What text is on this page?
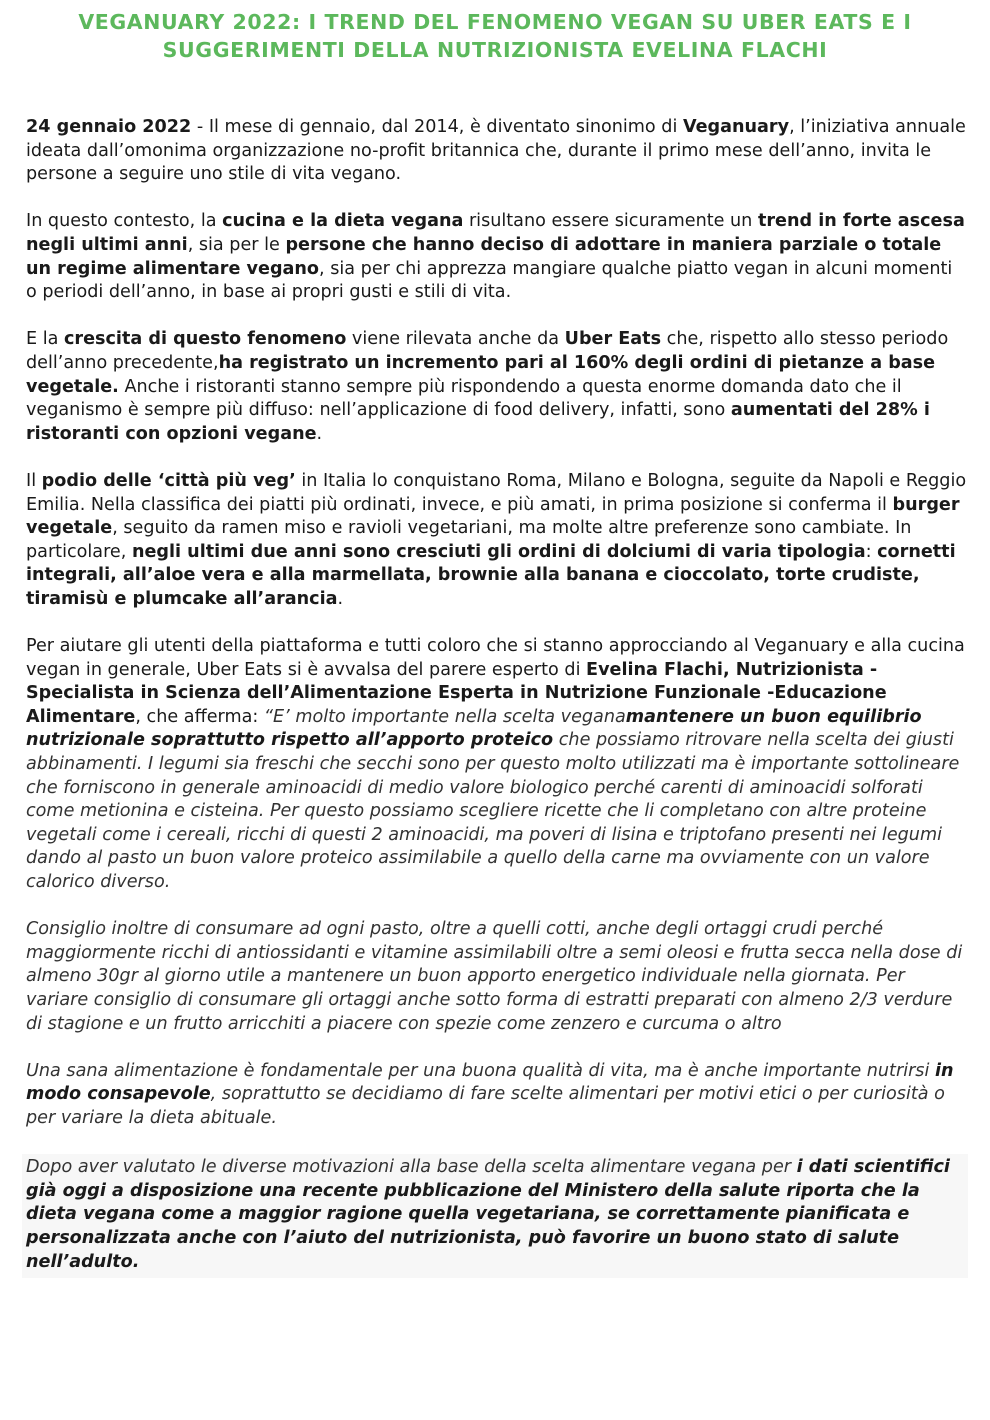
VEGANUARY 2022: I TREND DEL FENOMENO VEGAN SU UBER EATS E I SUGGERIMENTI DELLA NUTRIZIONISTA EVELINA FLACHI

24 gennaio 2022 - Il mese di gennaio, dal 2014, è diventato sinonimo di Veganuary, l’iniziativa annuale ideata dall’omonima organizzazione no-profit britannica che, durante il primo mese dell’anno, invita le persone a seguire uno stile di vita vegano.

In questo contesto, la cucina e la dieta vegana risultano essere sicuramente un trend in forte ascesa negli ultimi anni, sia per le persone che hanno deciso di adottare in maniera parziale o totale un regime alimentare vegano, sia per chi apprezza mangiare qualche piatto vegan in alcuni momenti o periodi dell’anno, in base ai propri gusti e stili di vita.

E la crescita di questo fenomeno viene rilevata anche da Uber Eats che, rispetto allo stesso periodo dell’anno precedente,ha registrato un incremento pari al 160% degli ordini di pietanze a base vegetale. Anche i ristoranti stanno sempre più rispondendo a questa enorme domanda dato che il veganismo è sempre più diffuso: nell’applicazione di food delivery, infatti, sono aumentati del 28% i ristoranti con opzioni vegane.

Il podio delle ‘città più veg’ in Italia lo conquistano Roma, Milano e Bologna, seguite da Napoli e Reggio Emilia. Nella classifica dei piatti più ordinati, invece, e più amati, in prima posizione si conferma il burger vegetale, seguito da ramen miso e ravioli vegetariani, ma molte altre preferenze sono cambiate. In particolare, negli ultimi due anni sono cresciuti gli ordini di dolciumi di varia tipologia: cornetti integrali, all’aloe vera e alla marmellata, brownie alla banana e cioccolato, torte crudiste, tiramisù e plumcake all’arancia.

Per aiutare gli utenti della piattaforma e tutti coloro che si stanno approcciando al Veganuary e alla cucina vegan in generale, Uber Eats si è avvalsa del parere esperto di Evelina Flachi, Nutrizionista - Specialista in Scienza dell’Alimentazione Esperta in Nutrizione Funzionale -Educazione Alimentare, che afferma: “E’ molto importante nella scelta veganamantenere un buon equilibrio nutrizionale soprattutto rispetto all’apporto proteico che possiamo ritrovare nella scelta dei giusti abbinamenti. I legumi sia freschi che secchi sono per questo molto utilizzati ma è importante sottolineare che forniscono in generale aminoacidi di medio valore biologico perché carenti di aminoacidi solforati come metionina e cisteina. Per questo possiamo scegliere ricette che li completano con altre proteine vegetali come i cereali, ricchi di questi 2 aminoacidi, ma poveri di lisina e triptofano presenti nei legumi dando al pasto un buon valore proteico assimilabile a quello della carne ma ovviamente con un valore calorico diverso.

Consiglio inoltre di consumare ad ogni pasto, oltre a quelli cotti, anche degli ortaggi crudi perché maggiormente ricchi di antiossidanti e vitamine assimilabili oltre a semi oleosi e frutta secca nella dose di almeno 30gr al giorno utile a mantenere un buon apporto energetico individuale nella giornata. Per variare consiglio di consumare gli ortaggi anche sotto forma di estratti preparati con almeno 2/3 verdure di stagione e un frutto arricchiti a piacere con spezie come zenzero e curcuma o altro

Una sana alimentazione è fondamentale per una buona qualità di vita, ma è anche importante nutrirsi in modo consapevole, soprattutto se decidiamo di fare scelte alimentari per motivi etici o per curiosità o per variare la dieta abituale.

Dopo aver valutato le diverse motivazioni alla base della scelta alimentare vegana per i dati scientifici già oggi a disposizione una recente pubblicazione del Ministero della salute riporta che la dieta vegana come a maggior ragione quella vegetariana, se correttamente pianificata e personalizzata anche con l’aiuto del nutrizionista, può favorire un buono stato di salute nell’adulto.
